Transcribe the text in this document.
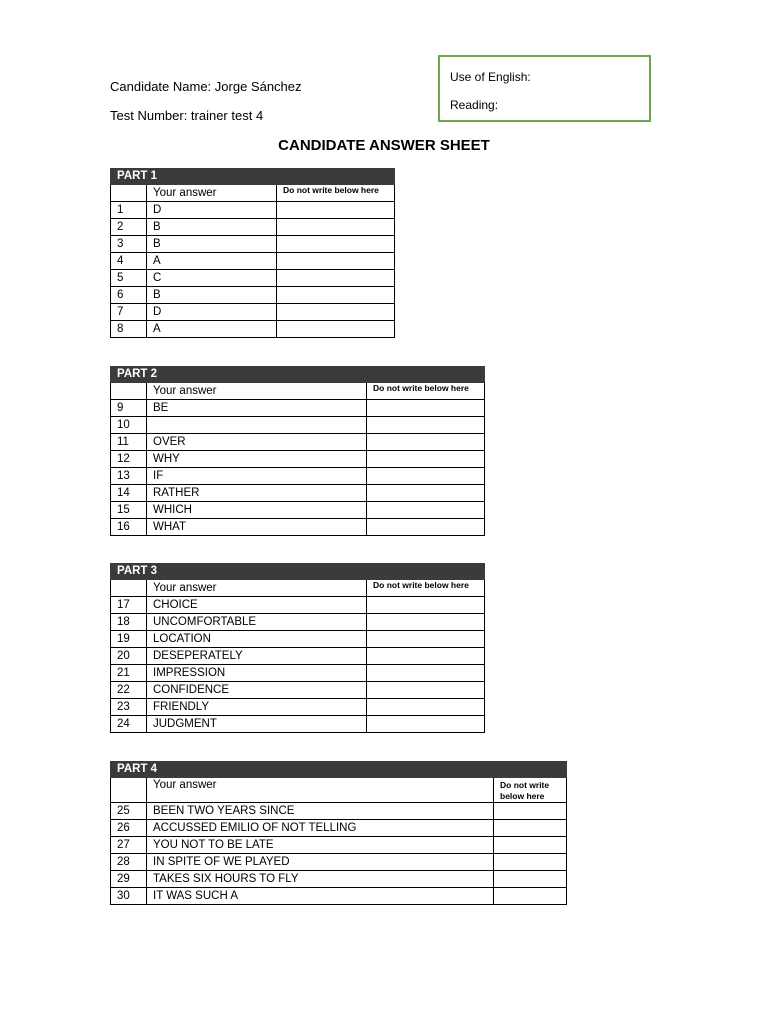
Candidate Name: Jorge Sánchez
Test Number: trainer test 4
Use of English:
Reading:
CANDIDATE ANSWER SHEET
PART 1		
	Your answer	Do not write below here
1	D	
2	B	
3	B	
4	A	
5	C	
6	B	
7	D	
8	A	
PART 2		
	Your answer	Do not write below here
9	BE	
10		
11	OVER	
12	WHY	
13	IF	
14	RATHER	
15	WHICH	
16	WHAT	
PART 3		
	Your answer	Do not write below here
17	CHOICE	
18	UNCOMFORTABLE	
19	LOCATION	
20	DESEPERATELY	
21	IMPRESSION	
22	CONFIDENCE	
23	FRIENDLY	
24	JUDGMENT	
PART 4		
	Your answer	Do not write below here
25	BEEN TWO YEARS SINCE	
26	ACCUSSED EMILIO OF NOT TELLING	
27	YOU NOT TO BE LATE	
28	IN SPITE OF WE PLAYED	
29	TAKES SIX HOURS TO FLY	
30	IT WAS SUCH A	
